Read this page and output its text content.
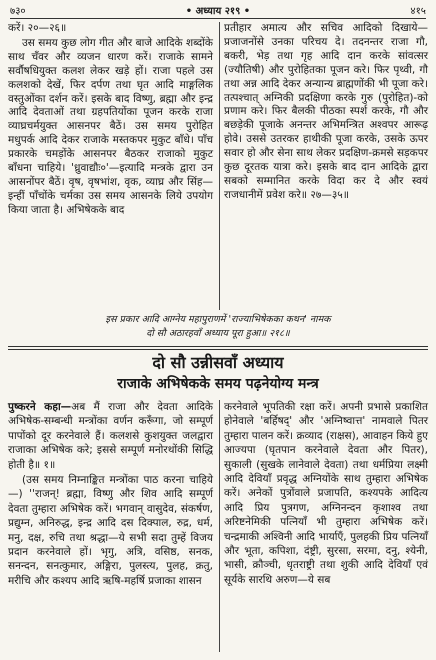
७३०	• अध्याय २१९ •	४१५

करें। २०—२६॥

उस समय कुछ लोग गीत और बाजे आदिके शब्दोंके साथ चँवर और व्यजन धारण करें। राजाके सामने सर्वौषधियुक्त कलश लेकर खड़े हों। राजा पहले उस कलशको देखें, फिर दर्पण तथा घृत आदि माङ्गलिक वस्तुओंका दर्शन करें। इसके बाद विष्णु, ब्रह्मा और इन्द्र आदि देवताओं तथा ग्रहपतियोंका पूजन करके राजा व्याघ्रचर्मयुक्त आसनपर बैठें। उस समय पुरोहित मधुपर्क आदि देकर राजाके मस्तकपर मुकुट बाँधे। पाँच प्रकारके चमड़ोंके आसनपर बैठकर राजाको मुकुट बाँधना चाहिये। 'ध्रुवाद्यौः०'—इत्यादि मन्त्रके द्वारा उन आसनोंपर बैठें। वृष, वृषभांश, वृक, व्याघ्र और सिंह—इन्हीं पाँचोंके चर्मका उस समय आसनके लिये उपयोग किया जाता है। अभिषेकके बाद

प्रतीहार अमात्य और सचिव आदिको दिखाये—प्रजाजनोंसे उनका परिचय दे। तदनन्तर राजा गौ, बकरी, भेड़ तथा गृह आदि दान करके सांवत्सर (ज्यौतिषी) और पुरोहितका पूजन करे। फिर पृथ्वी, गौ तथा अन्न आदि देकर अन्यान्य ब्राह्मणोंकी भी पूजा करे। तत्पश्चात् अग्निकी प्रदक्षिणा करके गुरु (पुरोहित)-को प्रणाम करे। फिर बैलकी पीठका स्पर्श करके, गौ और बछड़ेकी पूजाके अनन्तर अभिमन्त्रित अश्वपर आरूढ़ होवे। उससे उतरकर हाथीकी पूजा करके, उसके ऊपर सवार हो और सेना साथ लेकर प्रदक्षिण-क्रमसे सड़कपर कुछ दूरतक यात्रा करे। इसके बाद दान आदिके द्वारा सबको सम्मानित करके विदा कर दे और स्वयं राजधानीमें प्रवेश करे॥ २७—३५॥

इस प्रकार आदि आग्नेय महापुराणमें 'राज्याभिषेकका कथन' नामक
दो सौ अठारहवाँ अध्याय पूरा हुआ॥ २१८॥
दो सौ उन्नीसवाँ अध्याय
राजाके अभिषेकके समय पढ़नेयोग्य मन्त्र

पुष्करने कहा—अब मैं राजा और देवता आदिके अभिषेक-सम्बन्धी मन्त्रोंका वर्णन करूँगा, जो सम्पूर्ण पापोंको दूर करनेवाले हैं। कलशसे कुशयुक्त जलद्वारा राजाका अभिषेक करे; इससे सम्पूर्ण मनोरथोंकी सिद्धि होती है॥ १॥

(उस समय निम्नाङ्कित मन्त्रोंका पाठ करना चाहिये—) ''राजन्! ब्रह्मा, विष्णु और शिव आदि सम्पूर्ण देवता तुम्हारा अभिषेक करें। भगवान् वासुदेव, संकर्षण, प्रद्युम्न, अनिरुद्ध, इन्द्र आदि दस दिक्पाल, रुद्र, धर्म, मनु, दक्ष, रुचि तथा श्रद्धा—ये सभी सदा तुम्हें विजय प्रदान करनेवाले हों। भृगु, अत्रि, वसिष्ठ, सनक, सनन्दन, सनत्कुमार, अङ्गिरा, पुलस्त्य, पुलह, क्रतु, मरीचि और कश्यप आदि ऋषि-महर्षि प्रजाका शासन

करनेवाले भूपतिकी रक्षा करें। अपनी प्रभासे प्रकाशित होनेवाले 'बर्हिषद्' और 'अग्निष्वात्त' नामवाले पितर तुम्हारा पालन करें। क्रव्याद (राक्षस), आवाहन किये हुए आज्यपा (घृतपान करनेवाले देवता और पितर), सुकाली (सुखके लानेवाले देवता) तथा धर्मप्रिया लक्ष्मी आदि देवियाँ प्रवृद्ध अग्नियोंके साथ तुम्हारा अभिषेक करें। अनेकों पुत्रोंवाले प्रजापति, कश्यपके आदित्य आदि प्रिय पुत्रगण, अग्निनन्दन कृशाश्व तथा अरिष्टनेमिकी पत्नियाँ भी तुम्हारा अभिषेक करें। चन्द्रमाकी अश्विनी आदि भार्याएँ, पुलहकी प्रिय पत्नियाँ और भूता, कपिशा, दंष्ट्री, सुरसा, सरमा, दनु, श्येनी, भासी, क्रौञ्ची, धृतराष्ट्री तथा शुकी आदि देवियाँ एवं सूर्यके सारथि अरुण—ये सब
